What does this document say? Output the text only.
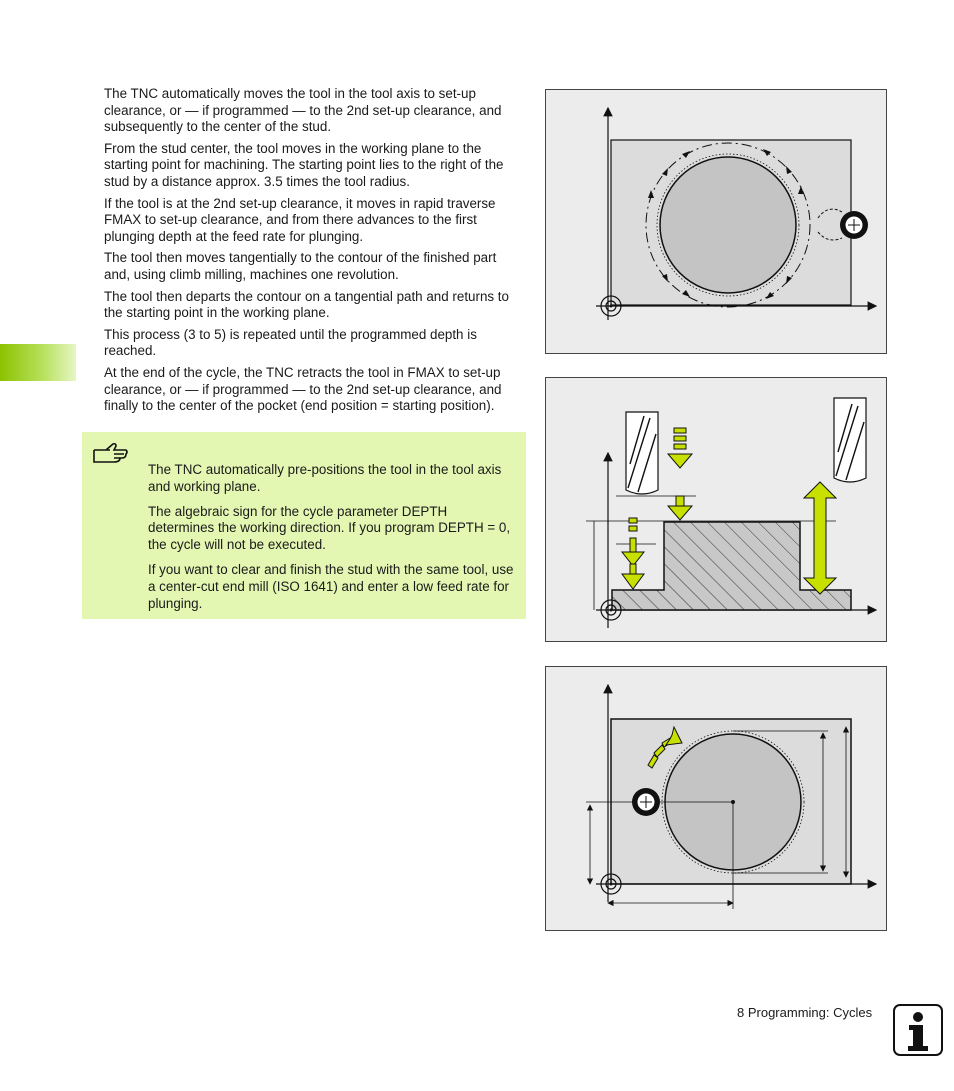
The TNC automatically moves the tool in the tool axis to set-up clearance, or — if programmed — to the 2nd set-up clearance, and subsequently to the center of the stud.

From the stud center, the tool moves in the working plane to the starting point for machining. The starting point lies to the right of the stud by a distance approx. 3.5 times the tool radius.

If the tool is at the 2nd set-up clearance, it moves in rapid traverse FMAX to set-up clearance, and from there advances to the first plunging depth at the feed rate for plunging.

The tool then moves tangentially to the contour of the finished part and, using climb milling, machines one revolution.

The tool then departs the contour on a tangential path and returns to the starting point in the working plane.

This process (3 to 5) is repeated until the programmed depth is reached.

At the end of the cycle, the TNC retracts the tool in FMAX to set-up clearance, or — if programmed — to the 2nd set-up clearance, and finally to the center of the pocket (end position = starting position).

The TNC automatically pre-positions the tool in the tool axis and working plane.

The algebraic sign for the cycle parameter DEPTH determines the working direction. If you program DEPTH = 0, the cycle will not be executed.

If you want to clear and finish the stud with the same tool, use a center-cut end mill (ISO 1641) and enter a low feed rate for plunging.

8 Programming: Cycles
